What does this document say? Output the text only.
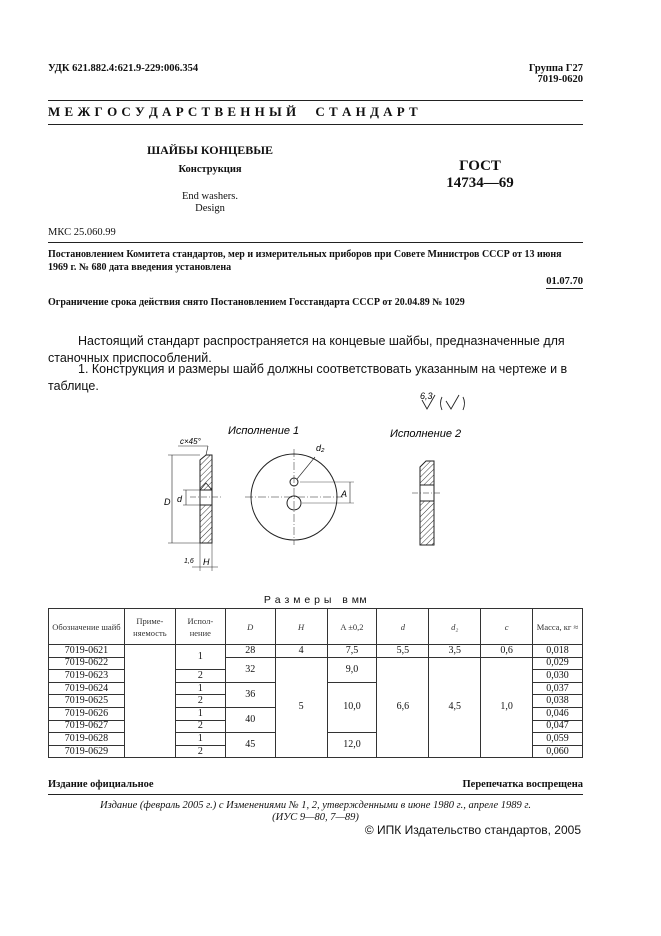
УДК 621.882.4:621.9-229:006.354	Группа Г27
7019-0620
М Е Ж Г О С У Д А Р С Т В Е Н Н Ы Й     С Т А Н Д А Р Т
ШАЙБЫ КОНЦЕВЫЕ
Конструкция
End washers.
Design
ГОСТ
14734—69
МКС 25.060.99
Постановлением Комитета стандартов, мер и измерительных приборов при Совете Министров СССР от 13 июня 1969 г. № 680 дата введения установлена
01.07.70
Ограничение срока действия снято Постановлением Госстандарта СССР от 20.04.89 № 1029
Настоящий стандарт распространяется на концевые шайбы, предназначенные для станочных приспособлений.
1. Конструкция и размеры шайб должны соответствовать указанным на чертеже и в таблице.
6,3
Исполнение 1	Исполнение 2
c×45°
D d
H
1,6
d₂
A
Р а з м е р ы   в мм
Обозначение шайб	Приме- няемость	Испол- нение	D	H	A ±0,2	d	d₂	c	Масса, кг ≈
7019-0621		1	28	4	7,5	5,5	3,5	0,6	0,018
7019-0622			32	5	9,0	6,6	4,5	1,0	0,029
7019-0623		2							0,030
7019-0624		1	36		10,0				0,037
7019-0625		2							0,038
7019-0626		1	40						0,046
7019-0627		2							0,047
7019-0628		1	45		12,0				0,059
7019-0629		2							0,060
Издание официальное	Перепечатка воспрещена
Издание (февраль 2005 г.) с Изменениями № 1, 2, утвержденными в июне 1980 г., апреле 1989 г.
(ИУС 9—80, 7—89)
© ИПК Издательство стандартов, 2005
